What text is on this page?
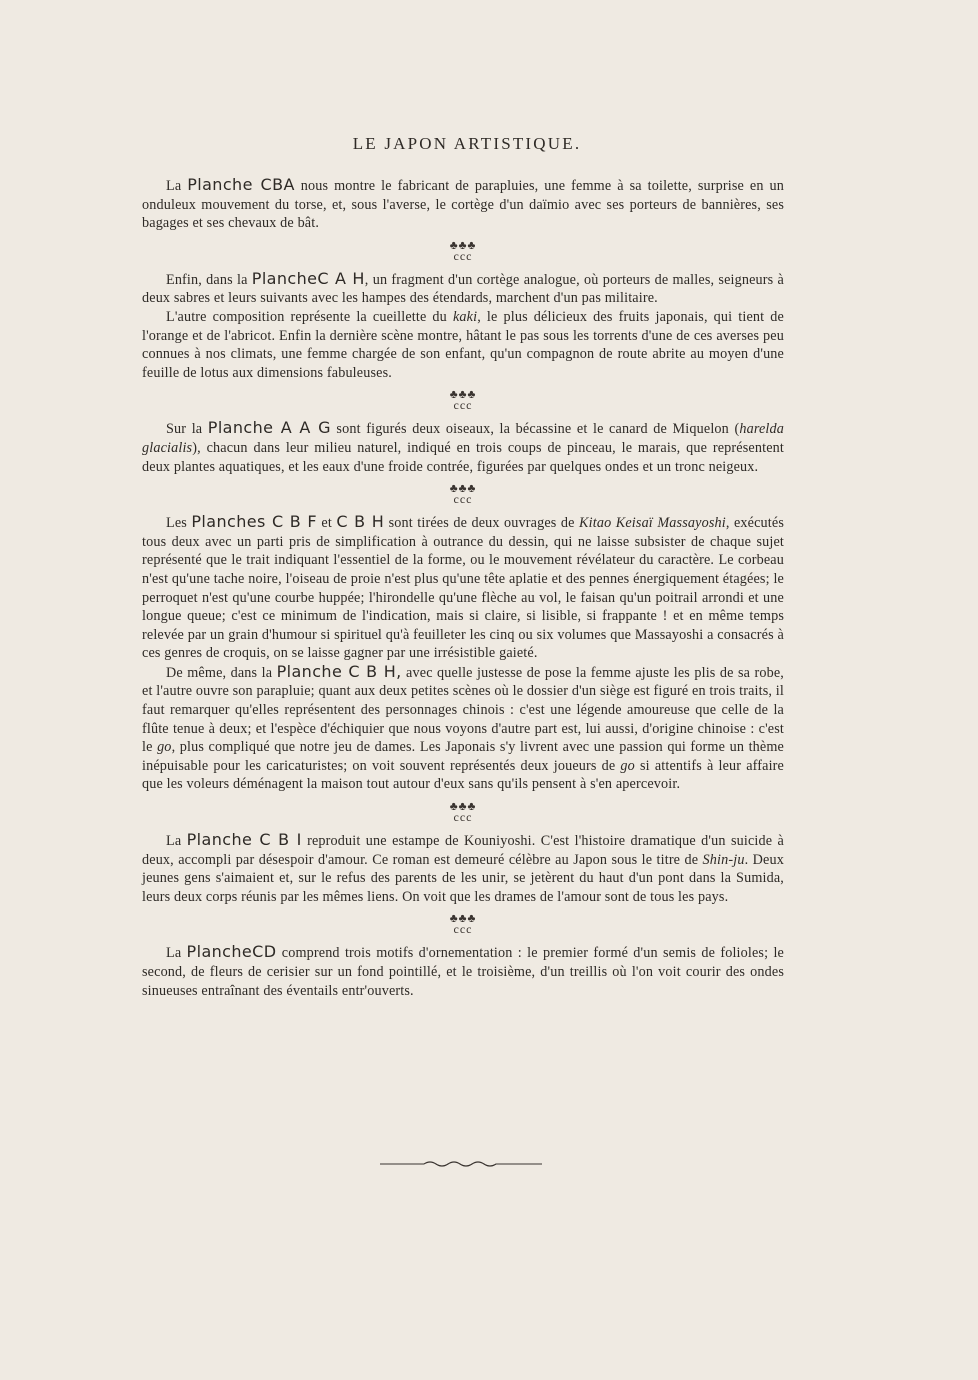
LE JAPON ARTISTIQUE.

La Planche CBA nous montre le fabricant de parapluies, une femme à sa toilette, surprise en un onduleux mouvement du torse, et, sous l'averse, le cortège d'un daïmio avec ses porteurs de bannières, ses bagages et ses chevaux de bât.

♣♣♣
ccc

Enfin, dans la PlancheC A H, un fragment d'un cortège analogue, où porteurs de malles, seigneurs à deux sabres et leurs suivants avec les hampes des étendards, marchent d'un pas militaire.

L'autre composition représente la cueillette du kaki, le plus délicieux des fruits japonais, qui tient de l'orange et de l'abricot. Enfin la dernière scène montre, hâtant le pas sous les torrents d'une de ces averses peu connues à nos climats, une femme chargée de son enfant, qu'un compagnon de route abrite au moyen d'une feuille de lotus aux dimensions fabuleuses.

♣♣♣
ccc

Sur la Planche A A G sont figurés deux oiseaux, la bécassine et le canard de Miquelon (harelda glacialis), chacun dans leur milieu naturel, indiqué en trois coups de pinceau, le marais, que représentent deux plantes aquatiques, et les eaux d'une froide contrée, figurées par quelques ondes et un tronc neigeux.

♣♣♣
ccc

Les Planches C B F et C B H sont tirées de deux ouvrages de Kitao Keisaï Massayoshi, exécutés tous deux avec un parti pris de simplification à outrance du dessin, qui ne laisse subsister de chaque sujet représenté que le trait indiquant l'essentiel de la forme, ou le mouvement révélateur du caractère. Le corbeau n'est qu'une tache noire, l'oiseau de proie n'est plus qu'une tête aplatie et des pennes énergiquement étagées; le perroquet n'est qu'une courbe huppée; l'hirondelle qu'une flèche au vol, le faisan qu'un poitrail arrondi et une longue queue; c'est ce minimum de l'indication, mais si claire, si lisible, si frappante ! et en même temps relevée par un grain d'humour si spirituel qu'à feuilleter les cinq ou six volumes que Massayoshi a consacrés à ces genres de croquis, on se laisse gagner par une irrésistible gaieté.

De même, dans la Planche C B H, avec quelle justesse de pose la femme ajuste les plis de sa robe, et l'autre ouvre son parapluie; quant aux deux petites scènes où le dossier d'un siège est figuré en trois traits, il faut remarquer qu'elles représentent des personnages chinois : c'est une légende amoureuse que celle de la flûte tenue à deux; et l'espèce d'échiquier que nous voyons d'autre part est, lui aussi, d'origine chinoise : c'est le go, plus compliqué que notre jeu de dames. Les Japonais s'y livrent avec une passion qui forme un thème inépuisable pour les caricaturistes; on voit souvent représentés deux joueurs de go si attentifs à leur affaire que les voleurs déménagent la maison tout autour d'eux sans qu'ils pensent à s'en apercevoir.

♣♣♣
ccc

La Planche C B I reproduit une estampe de Kouniyoshi. C'est l'histoire dramatique d'un suicide à deux, accompli par désespoir d'amour. Ce roman est demeuré célèbre au Japon sous le titre de Shin-ju. Deux jeunes gens s'aimaient et, sur le refus des parents de les unir, se jetèrent du haut d'un pont dans la Sumida, leurs deux corps réunis par les mêmes liens. On voit que les drames de l'amour sont de tous les pays.

♣♣♣
ccc

La PlancheCD comprend trois motifs d'ornementation : le premier formé d'un semis de folioles; le second, de fleurs de cerisier sur un fond pointillé, et le troisième, d'un treillis où l'on voit courir des ondes sinueuses entraînant des éventails entr'ouverts.
